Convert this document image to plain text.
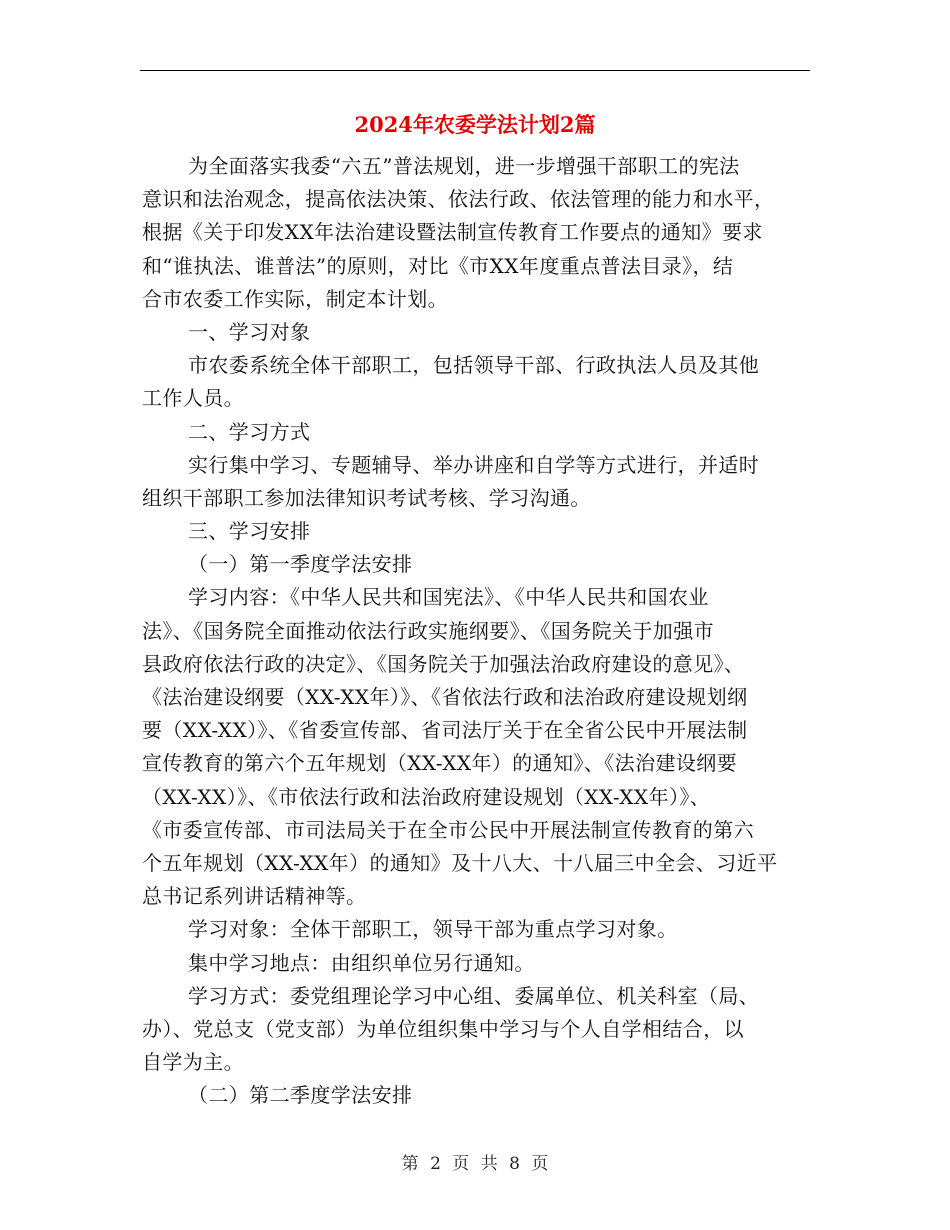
2024年农委学法计划2篇
为全面落实我委“六五”普法规划，进一步增强干部职工的宪法
意识和法治观念，提高依法决策、依法行政、依法管理的能力和水平，
根据《关于印发XX年法治建设暨法制宣传教育工作要点的通知》要求
和“谁执法、谁普法”的原则，对比《市XX年度重点普法目录》，结
合市农委工作实际，制定本计划。
一、学习对象
市农委系统全体干部职工，包括领导干部、行政执法人员及其他
工作人员。
二、学习方式
实行集中学习、专题辅导、举办讲座和自学等方式进行，并适时
组织干部职工参加法律知识考试考核、学习沟通。
三、学习安排
（一）第一季度学法安排
学习内容：《中华人民共和国宪法》、《中华人民共和国农业
法》、《国务院全面推动依法行政实施纲要》、《国务院关于加强市
县政府依法行政的决定》、《国务院关于加强法治政府建设的意见》、
《法治建设纲要（XX-XX年）》、《省依法行政和法治政府建设规划纲
要（XX-XX）》、《省委宣传部、省司法厅关于在全省公民中开展法制
宣传教育的第六个五年规划（XX-XX年）的通知》、《法治建设纲要
（XX-XX）》、《市依法行政和法治政府建设规划（XX-XX年）》、
《市委宣传部、市司法局关于在全市公民中开展法制宣传教育的第六
个五年规划（XX-XX年）的通知》及十八大、十八届三中全会、习近平
总书记系列讲话精神等。
学习对象：全体干部职工，领导干部为重点学习对象。
集中学习地点：由组织单位另行通知。
学习方式：委党组理论学习中心组、委属单位、机关科室（局、
办）、党总支（党支部）为单位组织集中学习与个人自学相结合，以
自学为主。
（二）第二季度学法安排
第 2 页 共 8 页
